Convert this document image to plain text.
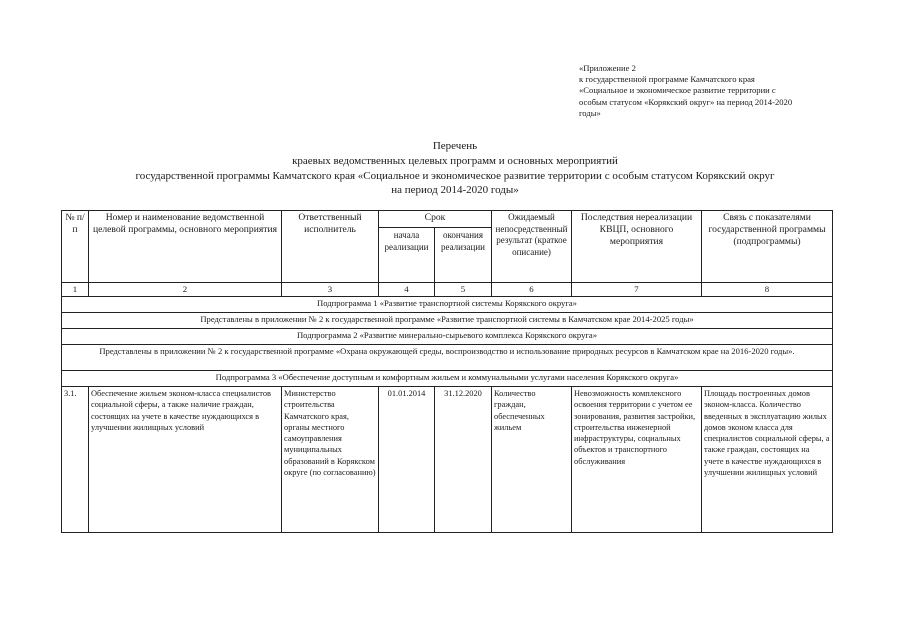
«Приложение 2
к государственной программе Камчатского края
«Социальное и экономическое развитие территории с
особым статусом «Корякский округ» на период 2014-2020
годы»
Перечень
краевых ведомственных целевых программ и основных мероприятий
государственной программы Камчатского края «Социальное и экономическое развитие территории с особым статусом Корякский округ
на период 2014-2020 годы»
№ п/п	Номер и наименование ведомственной целевой программы, основного мероприятия	Ответственный исполнитель	Срок		Ожидаемый непосредственный результат (краткое описание)	Последствия нереализации КВЦП, основного мероприятия	Связь с показателями государственной программы (подпрограммы)
			начала реализации	окончания реализации			
1	2	3	4	5	6	7	8
Подпрограмма 1 «Развитие транспортной системы Корякского округа»							
Представлены в приложении № 2 к государственной программе «Развитие транспортной системы в Камчатском крае 2014-2025 годы»							
Подпрограмма 2 «Развитие минерально-сырьевого комплекса Корякского округа»							
Представлены в приложении № 2 к государственной программе «Охрана окружающей среды, воспроизводство и использование природных ресурсов в Камчатском крае на 2016-2020 годы».							
Подпрограмма 3 «Обеспечение доступным и комфортным жильем и коммунальными услугами населения Корякского округа»							
3.1.	Обеспечение жильем эконом-класса специалистов социальной сферы, а также наличие граждан, состоящих на учете в качестве нуждающихся в улучшении жилищных условий	Министерство строительства Камчатского края, органы местного самоуправления муниципальных образований в Корякском округе (по согласованию)	01.01.2014	31.12.2020	Количество граждан, обеспеченных жильем	Невозможность комплексного освоения территории с учетом ее зонирования, развития застройки, строительства инженерной инфраструктуры, социальных объектов и транспортного обслуживания	Площадь построенных домов эконом-класса. Количество введенных в эксплуатацию жилых домов эконом класса для специалистов социальной сферы, а также граждан, состоящих на учете в качестве нуждающихся в улучшении жилищных условий
